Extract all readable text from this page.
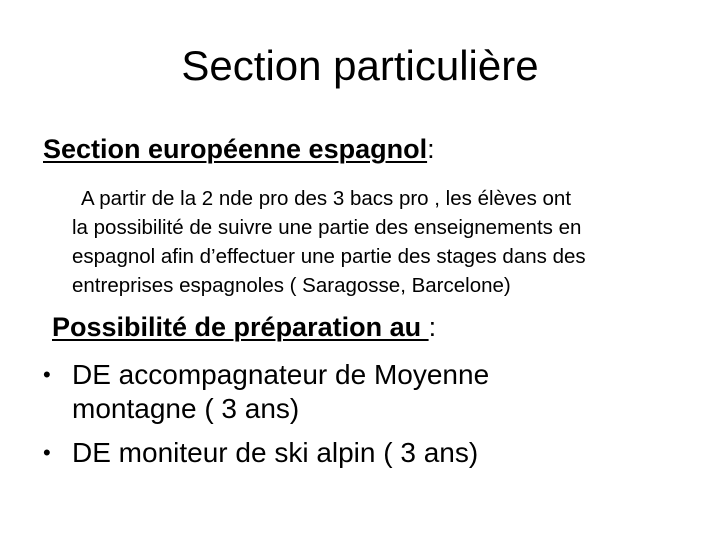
Section particulière
Section européenne espagnol:
A partir de la 2 nde pro des 3 bacs pro , les élèves ont
la possibilité de suivre une partie des enseignements en
espagnol afin d’effectuer une partie des stages dans des
entreprises espagnoles ( Saragosse, Barcelone)
Possibilité de préparation au :
• DE accompagnateur de Moyenne
montagne ( 3 ans)
• DE moniteur de ski alpin ( 3 ans)
